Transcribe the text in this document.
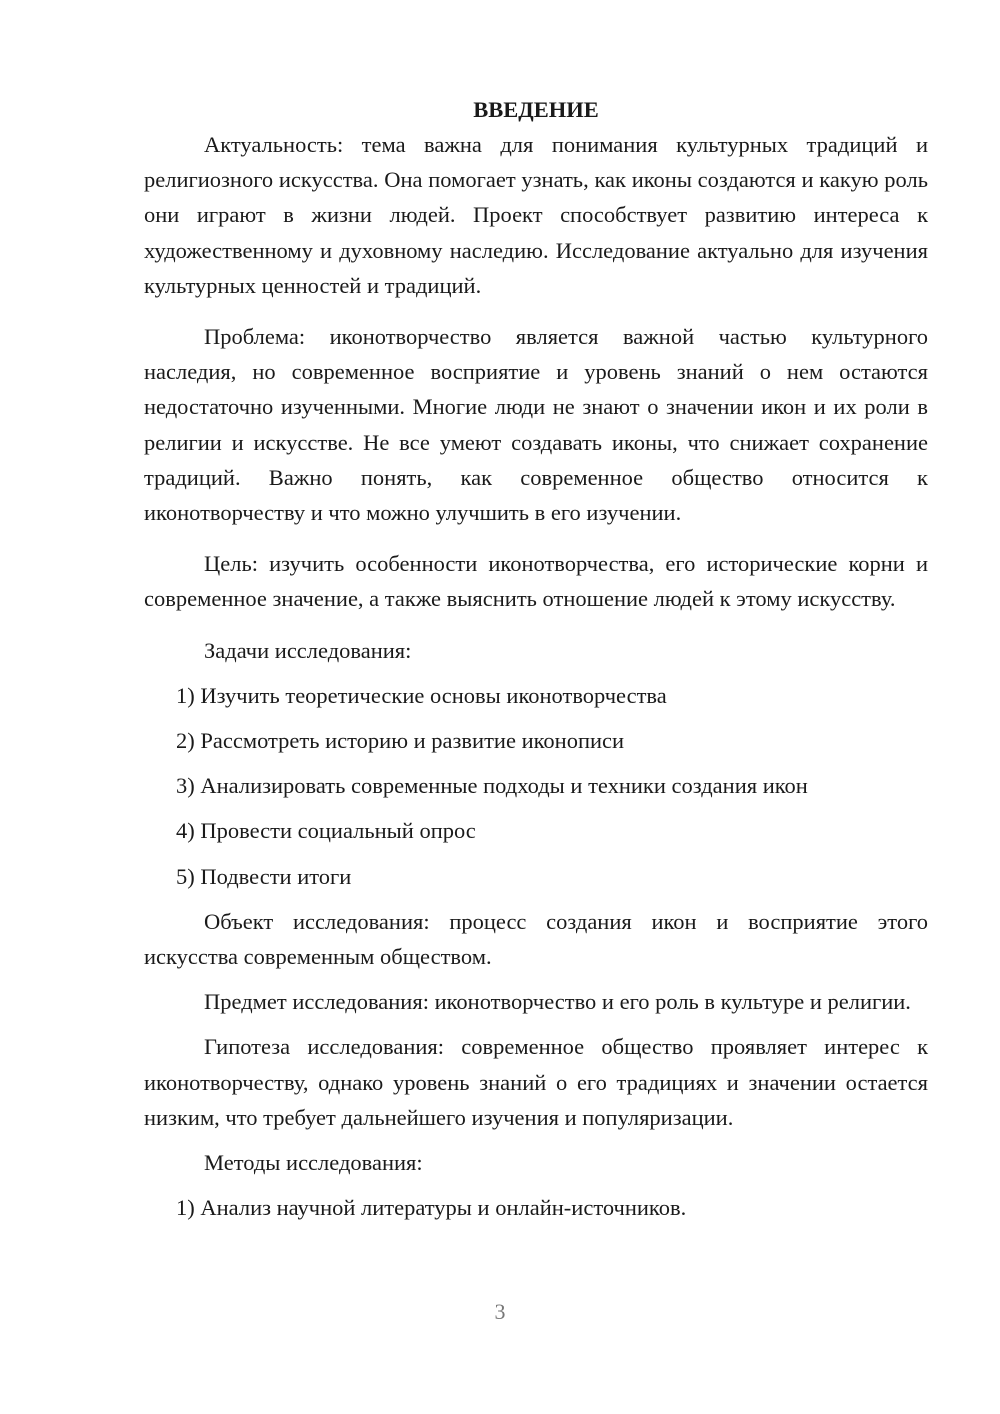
ВВЕДЕНИЕ

Актуальность: тема важна для понимания культурных традиций и религиозного искусства. Она помогает узнать, как иконы создаются и какую роль они играют в жизни людей. Проект способствует развитию интереса к художественному и духовному наследию. Исследование актуально для изучения культурных ценностей и традиций.

Проблема: иконотворчество является важной частью культурного наследия, но современное восприятие и уровень знаний о нем остаются недостаточно изученными. Многие люди не знают о значении икон и их роли в религии и искусстве. Не все умеют создавать иконы, что снижает сохранение традиций. Важно понять, как современное общество относится к иконотворчеству и что можно улучшить в его изучении.

Цель: изучить особенности иконотворчества, его исторические корни и современное значение, а также выяснить отношение людей к этому искусству.

Задачи исследования:

1) Изучить теоретические основы иконотворчества

2) Рассмотреть историю и развитие иконописи

3) Анализировать современные подходы и техники создания икон

4) Провести социальный опрос

5) Подвести итоги

Объект исследования: процесс создания икон и восприятие этого искусства современным обществом.

Предмет исследования: иконотворчество и его роль в культуре и религии.

Гипотеза исследования: современное общество проявляет интерес к иконотворчеству, однако уровень знаний о его традициях и значении остается низким, что требует дальнейшего изучения и популяризации.

Методы исследования:

1) Анализ научной литературы и онлайн-источников.

3
